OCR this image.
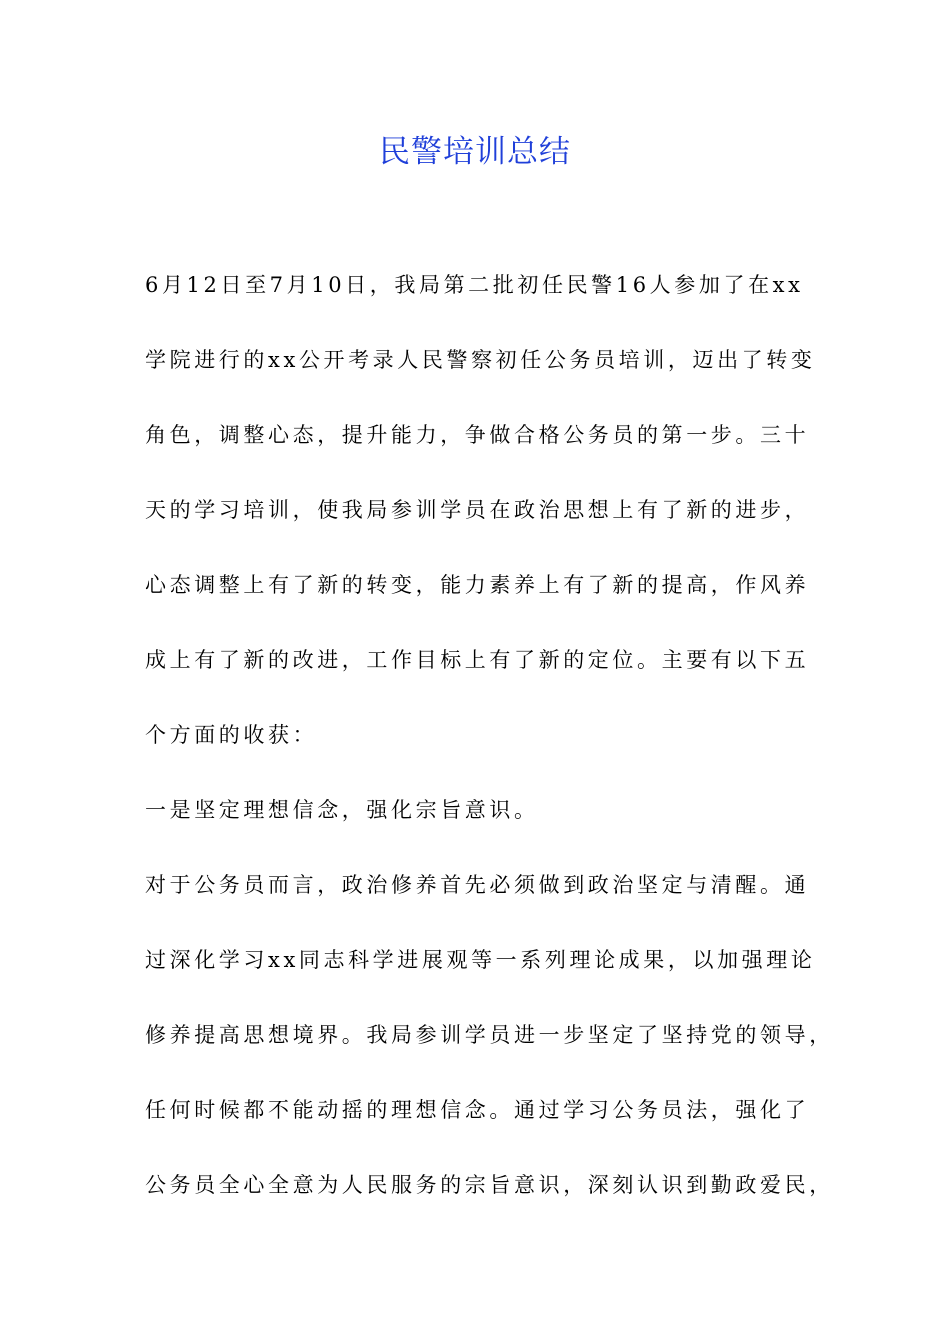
民警培训总结
6月12日至7月10日，我局第二批初任民警16人参加了在xx
学院进行的xx公开考录人民警察初任公务员培训，迈出了转变
角色，调整心态，提升能力，争做合格公务员的第一步。三十
天的学习培训，使我局参训学员在政治思想上有了新的进步，
心态调整上有了新的转变，能力素养上有了新的提高，作风养
成上有了新的改进，工作目标上有了新的定位。主要有以下五
个方面的收获：
一是坚定理想信念，强化宗旨意识。
对于公务员而言，政治修养首先必须做到政治坚定与清醒。通
过深化学习xx同志科学进展观等一系列理论成果，以加强理论
修养提高思想境界。我局参训学员进一步坚定了坚持党的领导，
任何时候都不能动摇的理想信念。通过学习公务员法，强化了
公务员全心全意为人民服务的宗旨意识，深刻认识到勤政爱民，
